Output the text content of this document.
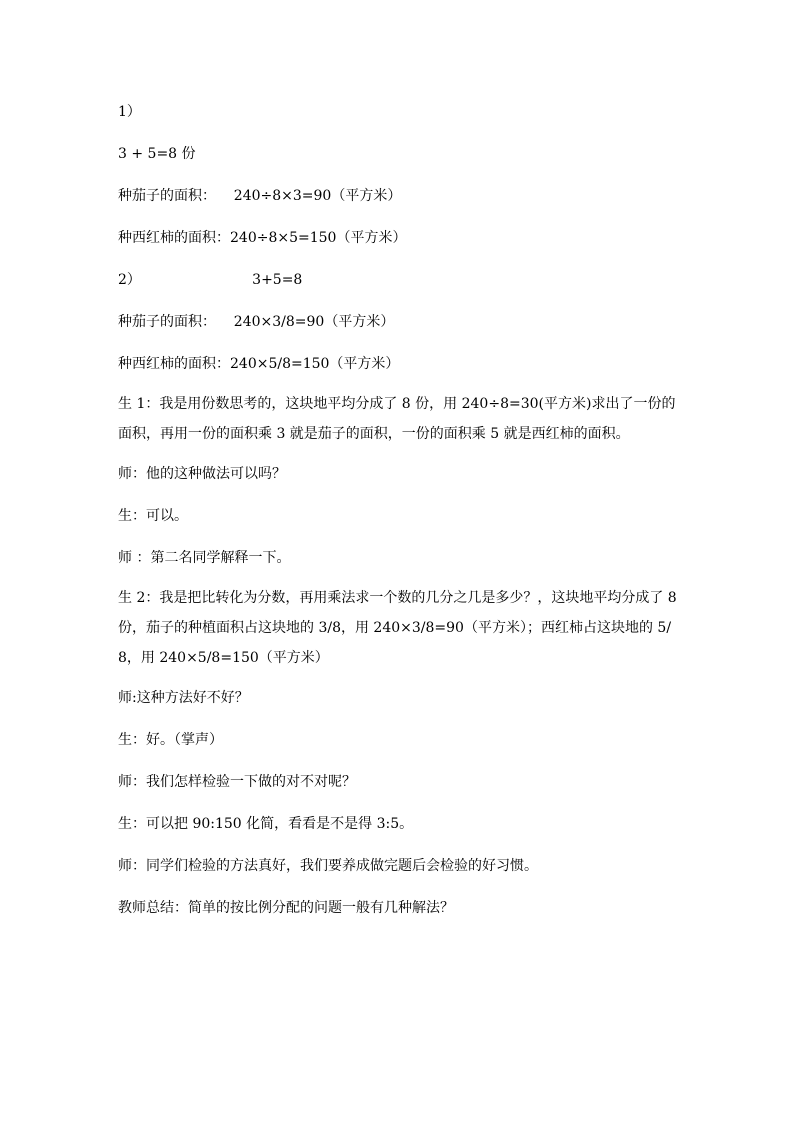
1）

3 + 5=8 份

种茄子的面积：    240÷8×3=90（平方米）

种西红柿的面积：240÷8×5=150（平方米）

2）                         3+5=8

种茄子的面积：    240×3/8=90（平方米）

种西红柿的面积：240×5/8=150（平方米）

生 1：我是用份数思考的，这块地平均分成了 8 份，用 240÷8=30(平方米)求出了一份的面积，再用一份的面积乘 3 就是茄子的面积，一份的面积乘 5 就是西红柿的面积。

师：他的这种做法可以吗？

生：可以。

师 ：第二名同学解释一下。

生 2：我是把比转化为分数，再用乘法求一个数的几分之几是多少？，这块地平均分成了 8 份，茄子的种植面积占这块地的 3/8，用 240×3/8=90（平方米）；西红柿占这块地的 5/8，用 240×5/8=150（平方米）

师:这种方法好不好？

生：好。（掌声）

师：我们怎样检验一下做的对不对呢？

生：可以把 90:150 化简，看看是不是得 3:5。

师：同学们检验的方法真好，我们要养成做完题后会检验的好习惯。

教师总结：简单的按比例分配的问题一般有几种解法？
